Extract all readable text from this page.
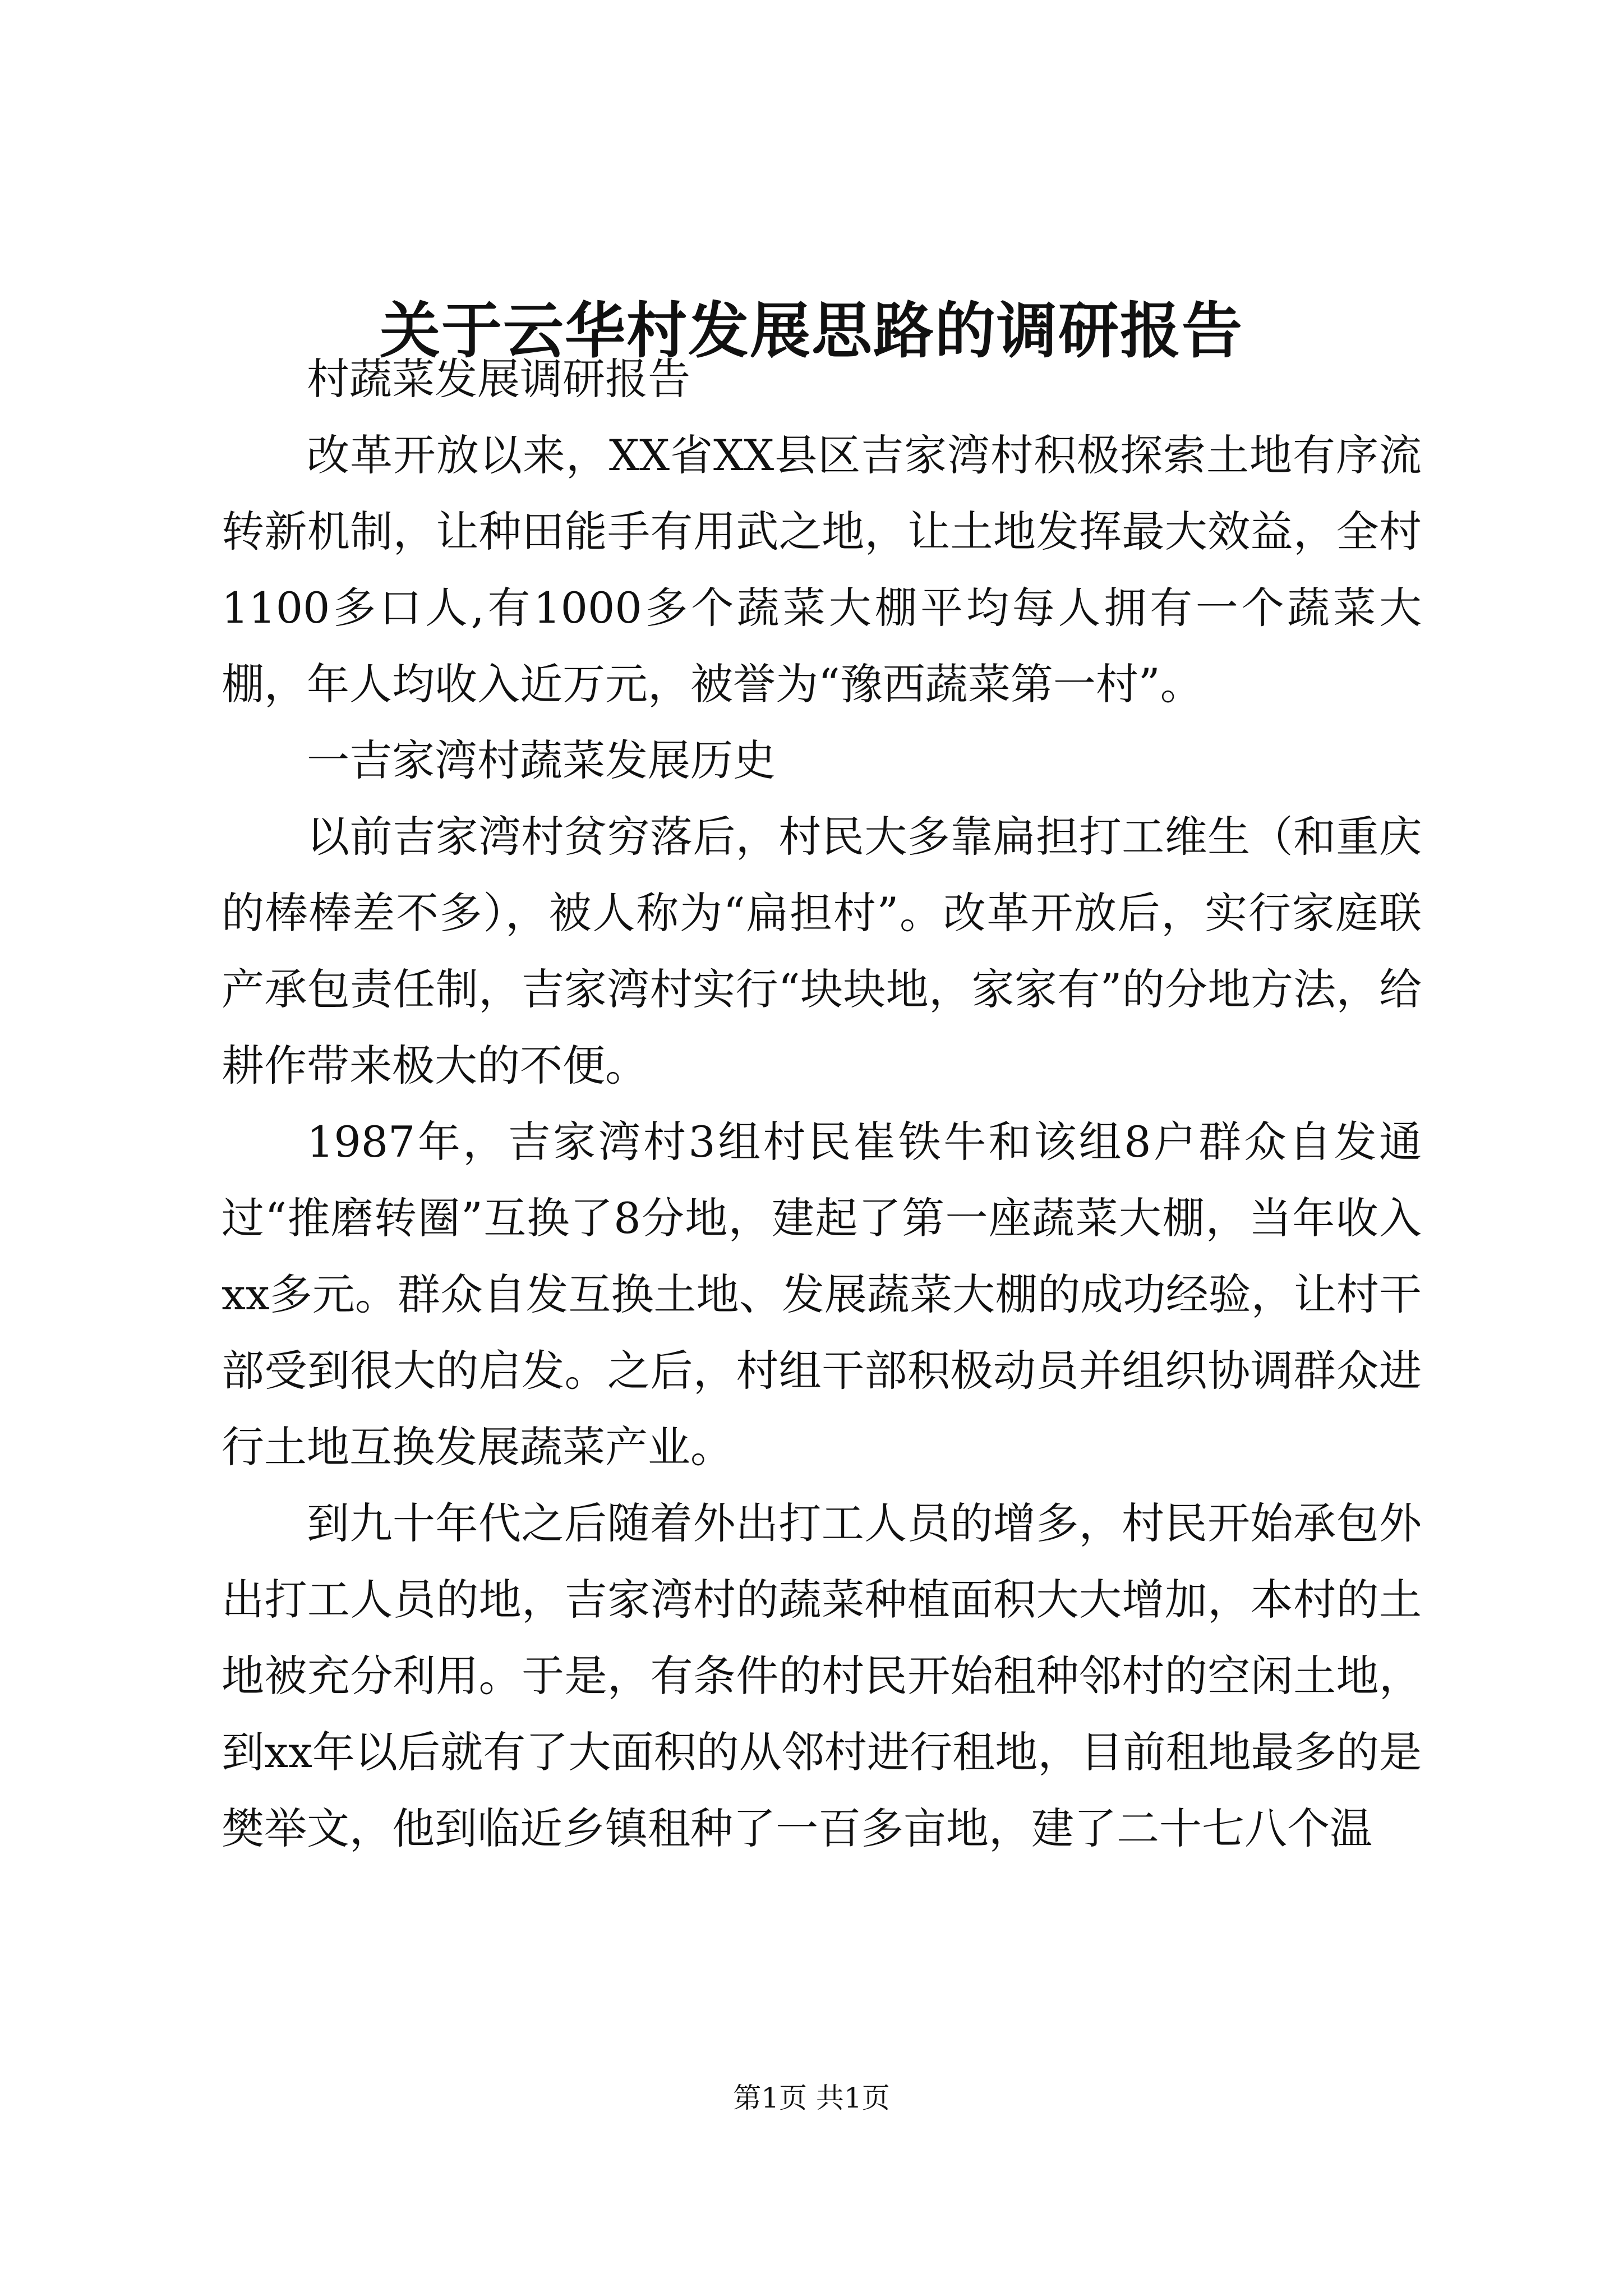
关于云华村发展思路的调研报告

村蔬菜发展调研报告

改革开放以来，XX省XX县区吉家湾村积极探索土地有序流转新机制，让种田能手有用武之地，让土地发挥最大效益，全村1100多口人,有1000多个蔬菜大棚平均每人拥有一个蔬菜大棚，年人均收入近万元，被誉为“豫西蔬菜第一村”。

一吉家湾村蔬菜发展历史

以前吉家湾村贫穷落后，村民大多靠扁担打工维生（和重庆的棒棒差不多），被人称为“扁担村”。改革开放后，实行家庭联产承包责任制，吉家湾村实行“块块地，家家有”的分地方法，给耕作带来极大的不便。

1987年，吉家湾村3组村民崔铁牛和该组8户群众自发通过“推磨转圈”互换了8分地，建起了第一座蔬菜大棚，当年收入xx多元。群众自发互换土地、发展蔬菜大棚的成功经验，让村干部受到很大的启发。之后，村组干部积极动员并组织协调群众进行土地互换发展蔬菜产业。

到九十年代之后随着外出打工人员的增多，村民开始承包外出打工人员的地，吉家湾村的蔬菜种植面积大大增加，本村的土地被充分利用。于是，有条件的村民开始租种邻村的空闲土地，到xx年以后就有了大面积的从邻村进行租地，目前租地最多的是樊举文，他到临近乡镇租种了一百多亩地，建了二十七八个温

第1页 共1页
